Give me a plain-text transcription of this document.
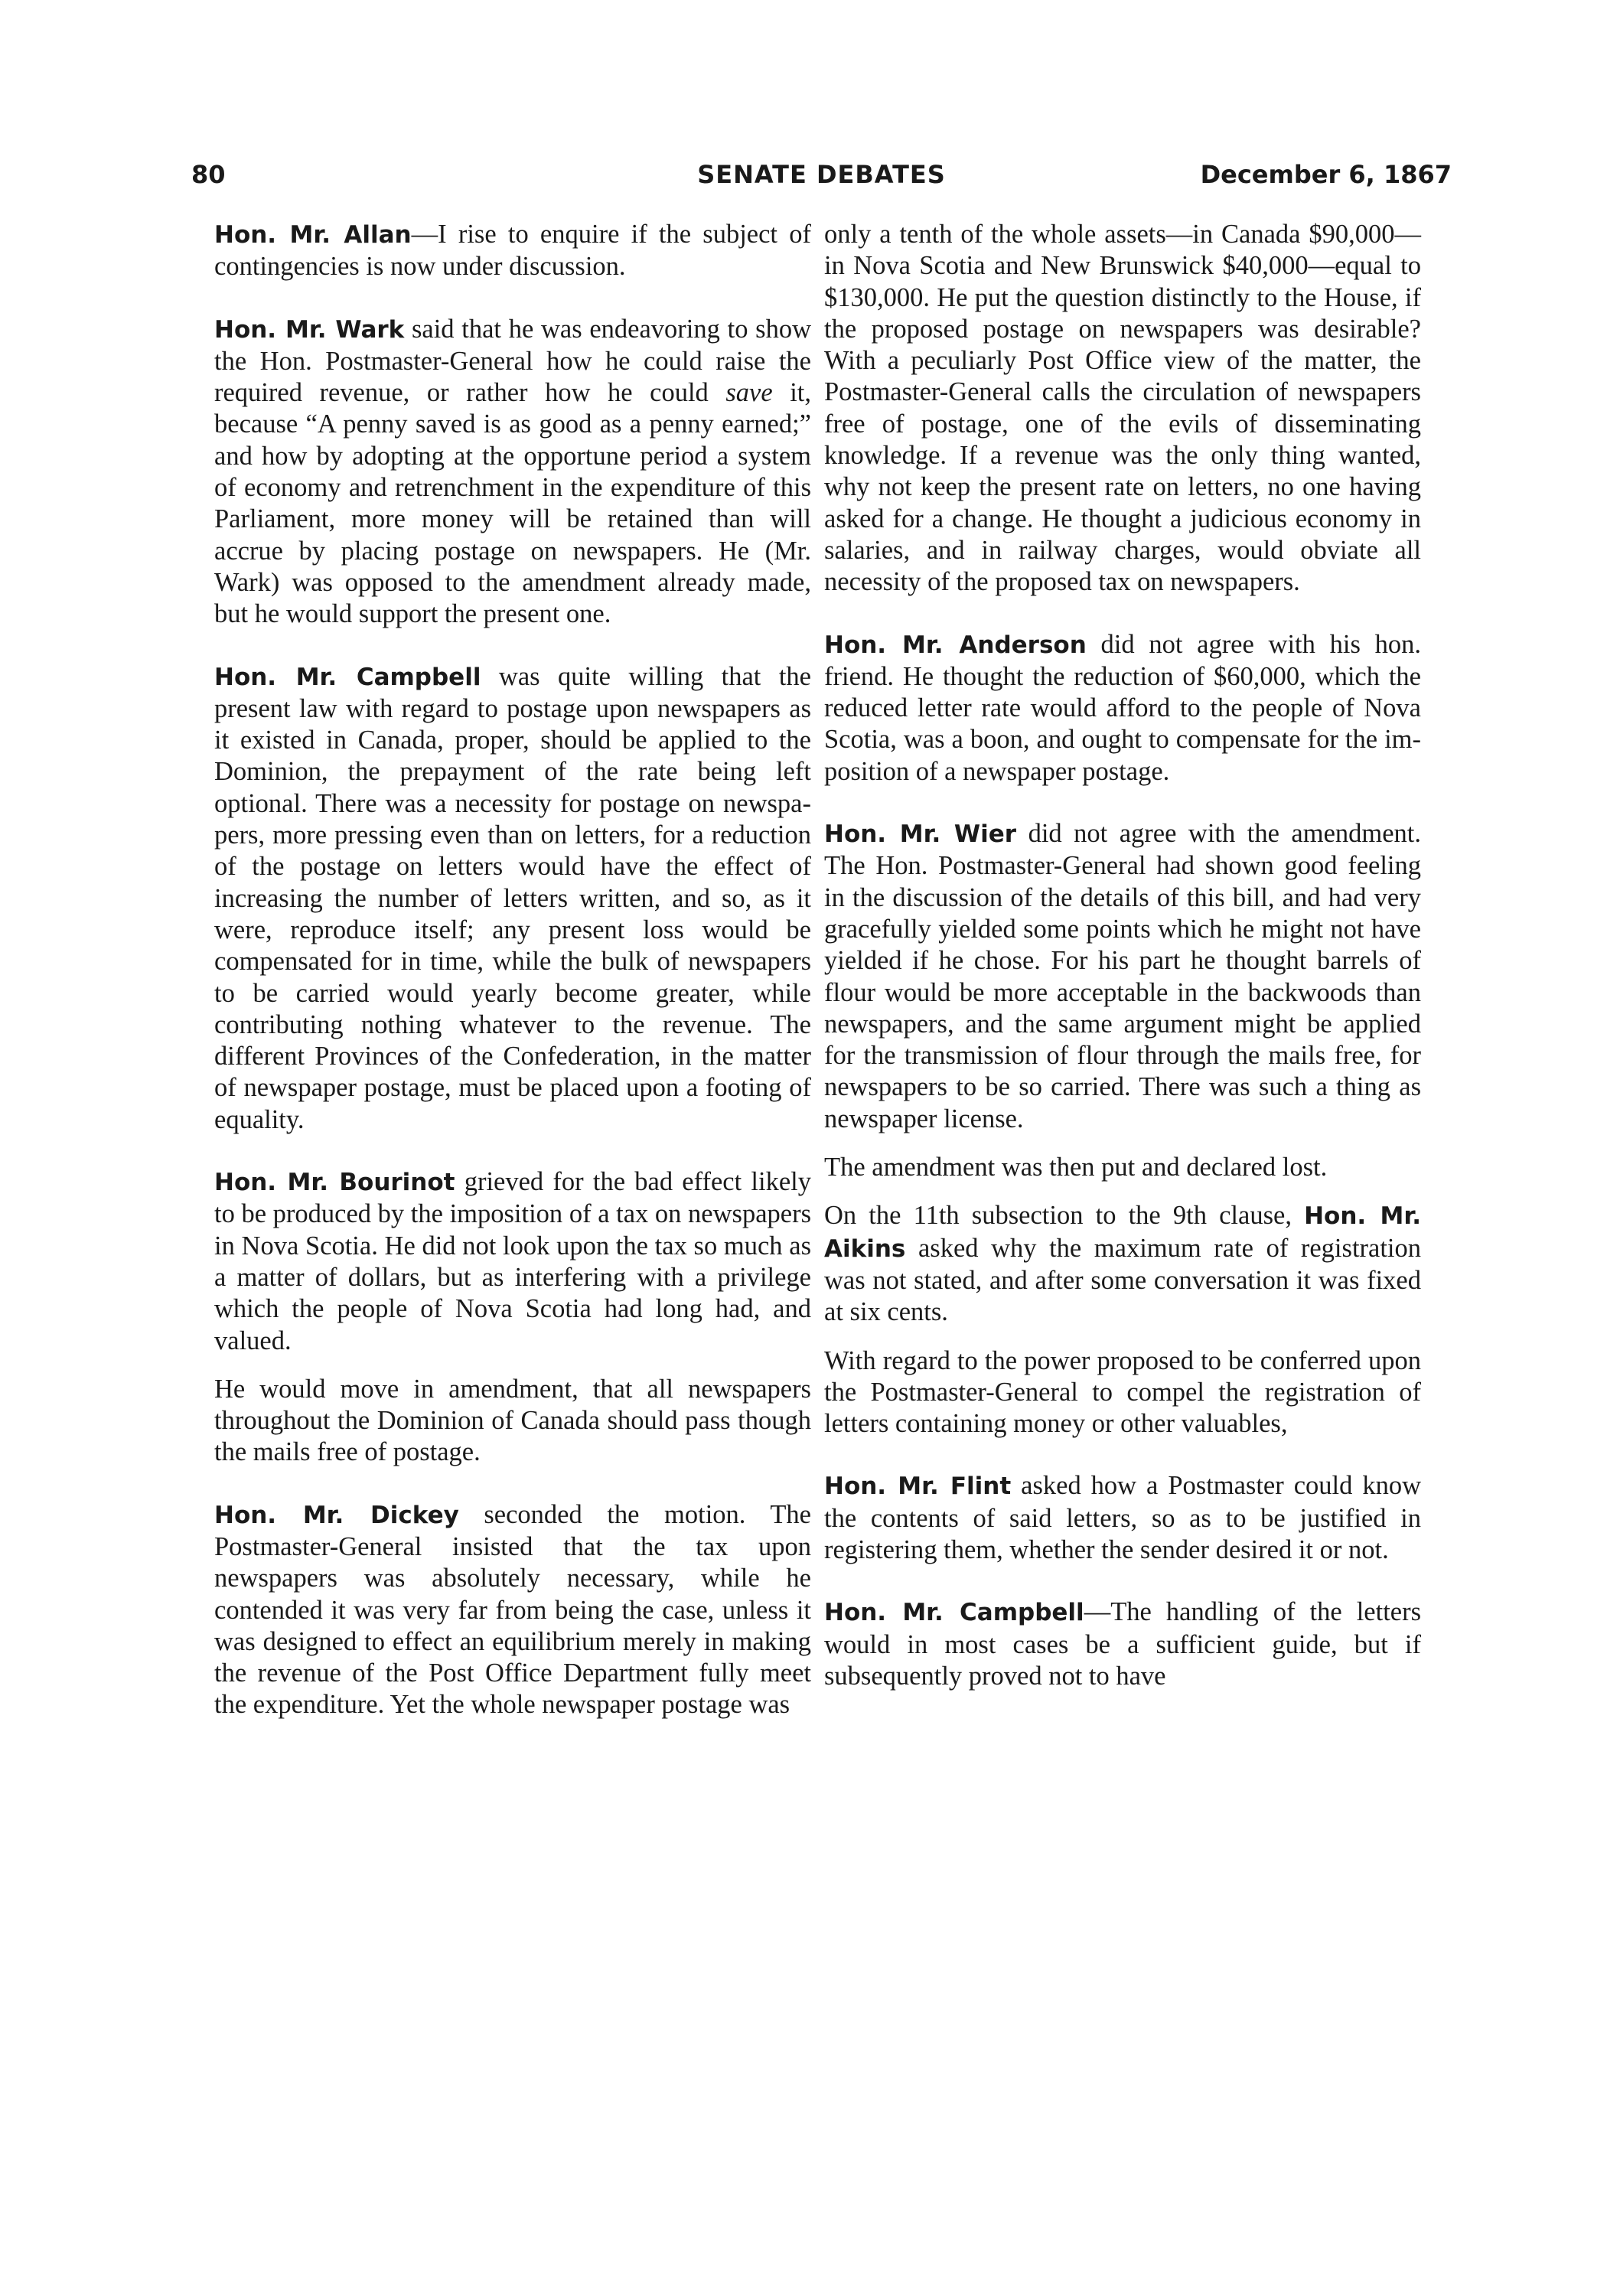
80	SENATE DEBATES	December 6, 1867

Hon. Mr. Allan—I rise to enquire if the subject of contingencies is now under discussion.

Hon. Mr. Wark said that he was endeavoring to show the Hon. Postmaster-General how he could raise the required revenue, or rather how he could save it, because “A penny saved is as good as a penny earned;” and how by adopting at the opportune period a system of economy and retrenchment in the expenditure of this Parliament, more money will be retained than will accrue by placing postage on newspapers. He (Mr. Wark) was opposed to the amendment already made, but he would support the present one.

Hon. Mr. Campbell was quite willing that the present law with regard to postage upon newspapers as it existed in Canada, proper, should be applied to the Dominion, the prepayment of the rate being left optional. There was a necessity for postage on newspapers, more pressing even than on letters, for a reduction of the postage on letters would have the effect of increasing the number of letters written, and so, as it were, reproduce itself; any present loss would be compensated for in time, while the bulk of newspapers to be carried would yearly become greater, while contributing nothing whatever to the revenue. The different Provinces of the Confederation, in the matter of newspaper postage, must be placed upon a footing of equality.

Hon. Mr. Bourinot grieved for the bad effect likely to be produced by the imposition of a tax on newspapers in Nova Scotia. He did not look upon the tax so much as a matter of dollars, but as interfering with a privilege which the people of Nova Scotia had long had, and valued.

He would move in amendment, that all newspapers throughout the Dominion of Canada should pass though the mails free of postage.

Hon. Mr. Dickey seconded the motion. The Postmaster-General insisted that the tax upon newspapers was absolutely necessary, while he contended it was very far from being the case, unless it was designed to effect an equilibrium merely in making the revenue of the Post Office Department fully meet the expenditure. Yet the whole newspaper postage was

only a tenth of the whole assets—in Canada $90,000—in Nova Scotia and New Brunswick $40,000—equal to $130,000. He put the question distinctly to the House, if the proposed postage on newspapers was desirable? With a peculiarly Post Office view of the matter, the Postmaster-General calls the circulation of newspapers free of postage, one of the evils of disseminating knowledge. If a revenue was the only thing wanted, why not keep the present rate on letters, no one having asked for a change. He thought a judicious economy in salaries, and in railway charges, would obviate all necessity of the proposed tax on newspapers.

Hon. Mr. Anderson did not agree with his hon. friend. He thought the reduction of $60,000, which the reduced letter rate would afford to the people of Nova Scotia, was a boon, and ought to compensate for the imposition of a newspaper postage.

Hon. Mr. Wier did not agree with the amendment. The Hon. Postmaster-General had shown good feeling in the discussion of the details of this bill, and had very gracefully yielded some points which he might not have yielded if he chose. For his part he thought barrels of flour would be more acceptable in the backwoods than newspapers, and the same argument might be applied for the transmission of flour through the mails free, for newspapers to be so carried. There was such a thing as newspaper license.

The amendment was then put and declared lost.

On the 11th subsection to the 9th clause, Hon. Mr. Aikins asked why the maximum rate of registration was not stated, and after some conversation it was fixed at six cents.

With regard to the power proposed to be conferred upon the Postmaster-General to compel the registration of letters containing money or other valuables,

Hon. Mr. Flint asked how a Postmaster could know the contents of said letters, so as to be justified in registering them, whether the sender desired it or not.

Hon. Mr. Campbell—The handling of the letters would in most cases be a sufficient guide, but if subsequently proved not to have
